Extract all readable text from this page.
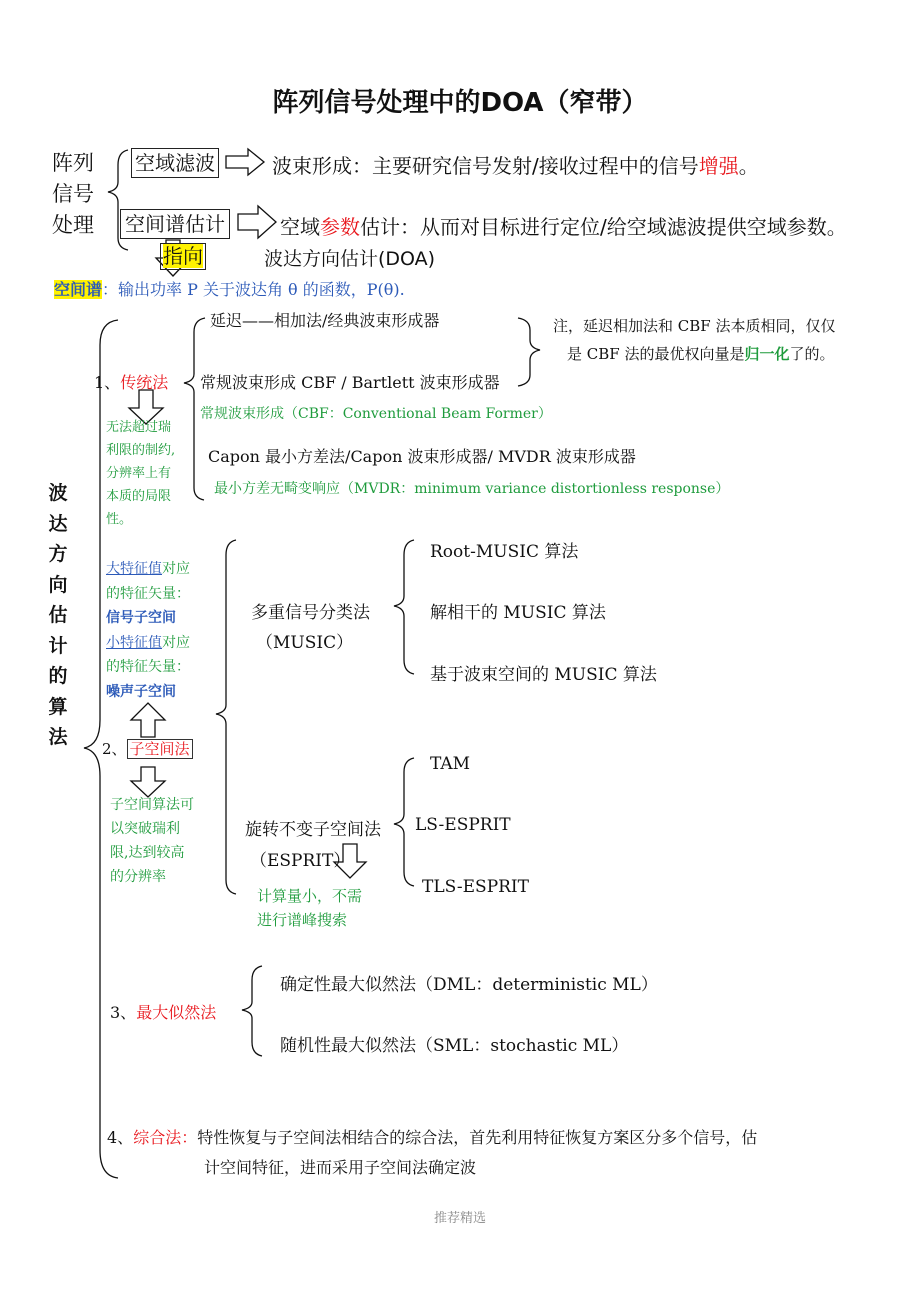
阵列信号处理中的DOA（窄带）
阵列
信号
处理
空域滤波	波束形成：主要研究信号发射/接收过程中的信号增强。
空间谱估计	空域参数估计：从而对目标进行定位/给空域滤波提供空域参数。
指向	波达方向估计(DOA)
空间谱：输出功率 P 关于波达角 θ 的函数，P(θ).
波达方向估计的算法
1、传统法
无法超过瑞
利限的制约,
分辨率上有
本质的局限
性。
延迟——相加法/经典波束形成器
常规波束形成 CBF / Bartlett 波束形成器
常规波束形成（CBF：Conventional Beam Former）
Capon 最小方差法/Capon 波束形成器/ MVDR 波束形成器
最小方差无畸变响应（MVDR：minimum variance distortionless response）
注，延迟相加法和 CBF 法本质相同，仅仅
是 CBF 法的最优权向量是归一化了的。
大特征值对应
的特征矢量：
信号子空间
小特征值对应
的特征矢量：
噪声子空间
2、 子空间法
子空间算法可
以突破瑞利
限,达到较高
的分辨率
多重信号分类法
（MUSIC）
Root-MUSIC 算法
解相干的 MUSIC 算法
基于波束空间的 MUSIC 算法
旋转不变子空间法
（ESPRIT）
计算量小，不需
进行谱峰搜索
TAM
LS-ESPRIT
TLS-ESPRIT
3、最大似然法
确定性最大似然法（DML：deterministic ML）
随机性最大似然法（SML：stochastic ML）
4、综合法：特性恢复与子空间法相结合的综合法，首先利用特征恢复方案区分多个信号，估
计空间特征，进而采用子空间法确定波
推荐精选
